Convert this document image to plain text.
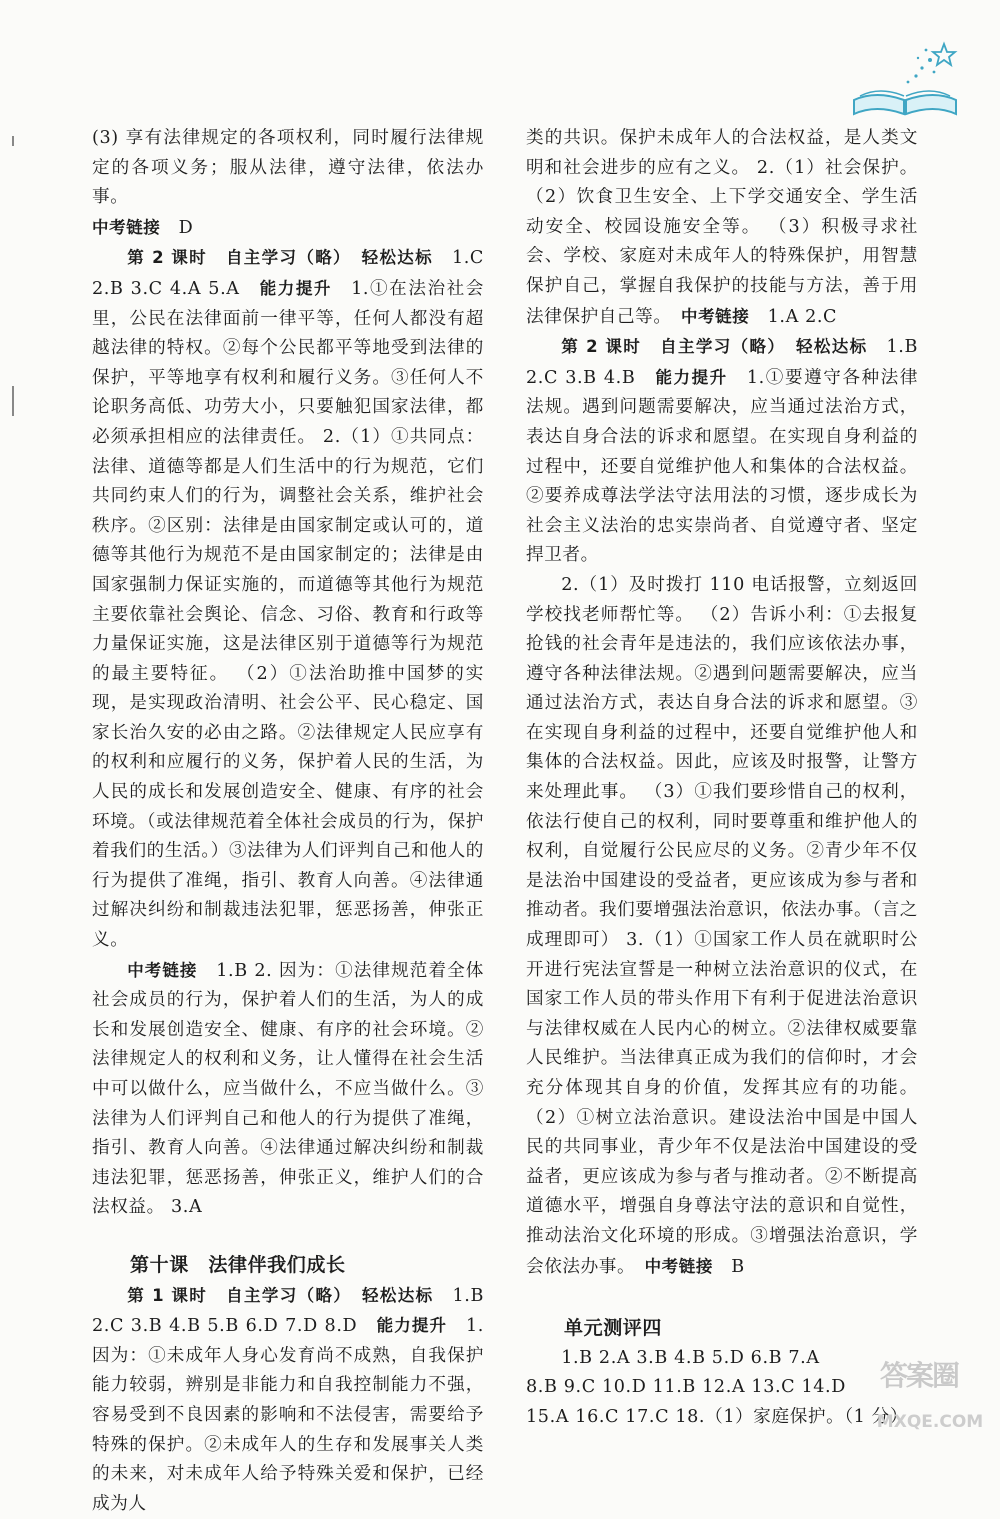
(3) 享有法律规定的各项权利，同时履行法律规定的各项义务；服从法律，遵守法律，依法办事。

中考链接　 D

第 2 课时　 自主学习（略）　 轻松达标　 1.C 2.B 3.C 4.A 5.A　 能力提升　 1.①在法治社会里，公民在法律面前一律平等，任何人都没有超越法律的特权。②每个公民都平等地受到法律的保护，平等地享有权利和履行义务。③任何人不论职务高低、功劳大小，只要触犯国家法律，都必须承担相应的法律责任。 2.（1）①共同点：法律、道德等都是人们生活中的行为规范，它们共同约束人们的行为，调整社会关系，维护社会秩序。②区别：法律是由国家制定或认可的，道德等其他行为规范不是由国家制定的；法律是由国家强制力保证实施的，而道德等其他行为规范主要依靠社会舆论、信念、习俗、教育和行政等力量保证实施，这是法律区别于道德等行为规范的最主要特征。 （2）①法治助推中国梦的实现，是实现政治清明、社会公平、民心稳定、国家长治久安的必由之路。②法律规定人民应享有的权利和应履行的义务，保护着人民的生活，为人民的成长和发展创造安全、健康、有序的社会环境。（或法律规范着全体社会成员的行为，保护着我们的生活。）③法律为人们评判自己和他人的行为提供了准绳，指引、教育人向善。④法律通过解决纠纷和制裁违法犯罪，惩恶扬善，伸张正义。

中考链接　 1.B 2. 因为：①法律规范着全体社会成员的行为，保护着人们的生活，为人的成长和发展创造安全、健康、有序的社会环境。②法律规定人的权利和义务，让人懂得在社会生活中可以做什么，应当做什么，不应当做什么。③法律为人们评判自己和他人的行为提供了准绳，指引、教育人向善。④法律通过解决纠纷和制裁违法犯罪，惩恶扬善，伸张正义，维护人们的合法权益。 3.A

第十课　法律伴我们成长

第 1 课时　 自主学习（略）　 轻松达标　 1.B 2.C 3.B 4.B 5.B 6.D 7.D 8.D　 能力提升　 1. 因为：①未成年人身心发育尚不成熟，自我保护能力较弱，辨别是非能力和自我控制能力不强，容易受到不良因素的影响和不法侵害，需要给予特殊的保护。②未成年人的生存和发展事关人类的未来，对未成年人给予特殊关爱和保护，已经成为人

类的共识。保护未成年人的合法权益，是人类文明和社会进步的应有之义。 2.（1）社会保护。（2）饮食卫生安全、上下学交通安全、学生活动安全、校园设施安全等。 （3）积极寻求社会、学校、家庭对未成年人的特殊保护，用智慧保护自己，掌握自我保护的技能与方法，善于用法律保护自己等。　 中考链接　 1.A 2.C

第 2 课时　 自主学习（略）　 轻松达标　 1.B 2.C 3.B 4.B　 能力提升　 1.①要遵守各种法律法规。遇到问题需要解决，应当通过法治方式，表达自身合法的诉求和愿望。在实现自身利益的过程中，还要自觉维护他人和集体的合法权益。②要养成尊法学法守法用法的习惯，逐步成长为社会主义法治的忠实崇尚者、自觉遵守者、坚定捍卫者。

2.（1）及时拨打 110 电话报警，立刻返回学校找老师帮忙等。 （2）告诉小利：①去报复抢钱的社会青年是违法的，我们应该依法办事，遵守各种法律法规。②遇到问题需要解决，应当通过法治方式，表达自身合法的诉求和愿望。③在实现自身利益的过程中，还要自觉维护他人和集体的合法权益。因此，应该及时报警，让警方来处理此事。 （3）①我们要珍惜自己的权利，依法行使自己的权利，同时要尊重和维护他人的权利，自觉履行公民应尽的义务。②青少年不仅是法治中国建设的受益者，更应该成为参与者和推动者。我们要增强法治意识，依法办事。（言之成理即可） 3.（1）①国家工作人员在就职时公开进行宪法宣誓是一种树立法治意识的仪式，在国家工作人员的带头作用下有利于促进法治意识与法律权威在人民内心的树立。②法律权威要靠人民维护。当法律真正成为我们的信仰时，才会充分体现其自身的价值，发挥其应有的功能。 （2）①树立法治意识。建设法治中国是中国人民的共同事业，青少年不仅是法治中国建设的受益者，更应该成为参与者与推动者。②不断提高道德水平，增强自身尊法守法的意识和自觉性，推动法治文化环境的形成。③增强法治意识，学会依法办事。　 中考链接　 B

单元测评四

1.B 2.A 3.B 4.B 5.D 6.B 7.A

8.B 9.C 10.D 11.B 12.A 13.C 14.D

15.A 16.C 17.C 18.（1）家庭保护。（1 分）

答案圈
MXQE.COM
